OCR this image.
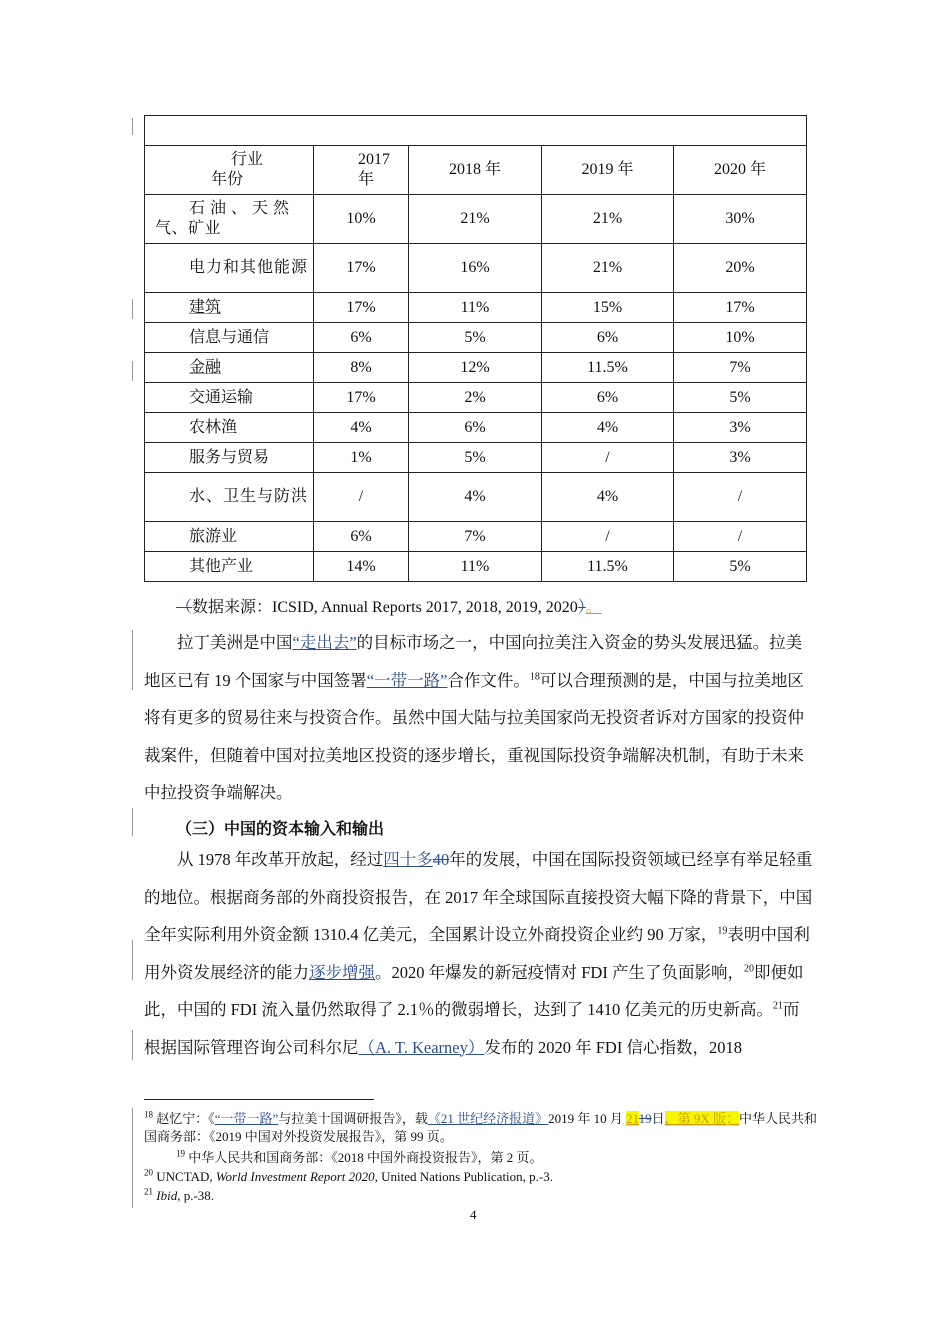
行业
年份	2017 年	2018 年	2019 年	2020 年
石 油 、 天 然 气、矿业	10%	21%	21%	30%
电力和其他能源	17%	16%	21%	20%
建筑	17%	11%	15%	17%
信息与通信	6%	5%	6%	10%
金融	8%	12%	11.5%	7%
交通运输	17%	2%	6%	5%
农林渔	4%	6%	4%	3%
服务与贸易	1%	5%	/	3%
水、卫生与防洪	/	4%	4%	/
旅游业	6%	7%	/	/
其他产业	14%	11%	11.5%	5%
（数据来源：ICSID, Annual Reports 2017, 2018, 2019, 2020）。

拉丁美洲是中国“走出去”的目标市场之一，中国向拉美注入资金的势头发展迅猛。拉美地区已有 19 个国家与中国签署“一带一路”合作文件。$^{18}$可以合理预测的是，中国与拉美地区将有更多的贸易往来与投资合作。虽然中国大陆与拉美国家尚无投资者诉对方国家的投资仲裁案件，但随着中国对拉美地区投资的逐步增长，重视国际投资争端解决机制，有助于未来中拉投资争端解决。

（三）中国的资本输入和输出

从 1978 年改革开放起，经过四十多40年的发展，中国在国际投资领域已经享有举足轻重的地位。根据商务部的外商投资报告，在 2017 年全球国际直接投资大幅下降的背景下，中国全年实际利用外资金额 1310.4 亿美元，全国累计设立外商投资企业约 90 万家，$^{19}$表明中国利用外资发展经济的能力逐步增强。2020 年爆发的新冠疫情对 FDI 产生了负面影响，$^{20}$即便如此，中国的 FDI 流入量仍然取得了 2.1％的微弱增长，达到了 1410 亿美元的历史新高。$^{21}$而根据国际管理咨询公司科尔尼（A. T. Kearney）发布的 2020 年 FDI 信心指数，2018

$^{18}$ 赵忆宁：《“一带一路”与拉美十国调研报告》，载《21 世纪经济报道》2019 年 10 月 2119日，第 9X 版；中华人民共和国商务部：《2019 中国对外投资发展报告》，第 99 页。
$^{19}$ 中华人民共和国商务部：《2018 中国外商投资报告》，第 2 页。
$^{20}$ UNCTAD, World Investment Report 2020, United Nations Publication, p.-3.
$^{21}$ Ibid, p.-38.
4
